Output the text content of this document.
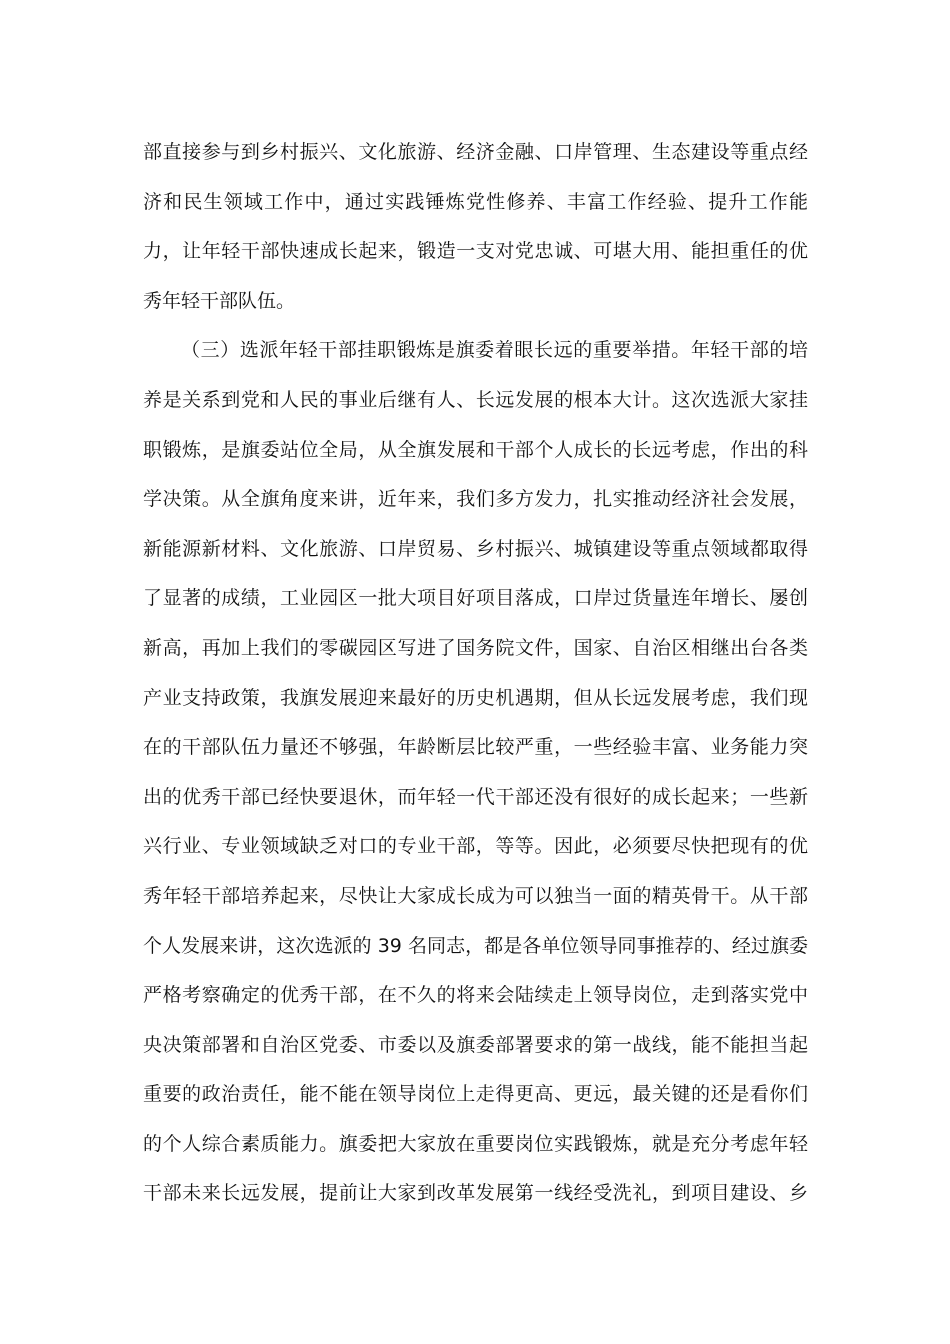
部直接参与到乡村振兴、文化旅游、经济金融、口岸管理、生态建设等重点经
济和民生领域工作中，通过实践锤炼党性修养、丰富工作经验、提升工作能
力，让年轻干部快速成长起来，锻造一支对党忠诚、可堪大用、能担重任的优
秀年轻干部队伍。
（三）选派年轻干部挂职锻炼是旗委着眼长远的重要举措。年轻干部的培
养是关系到党和人民的事业后继有人、长远发展的根本大计。这次选派大家挂
职锻炼，是旗委站位全局，从全旗发展和干部个人成长的长远考虑，作出的科
学决策。从全旗角度来讲，近年来，我们多方发力，扎实推动经济社会发展，
新能源新材料、文化旅游、口岸贸易、乡村振兴、城镇建设等重点领域都取得
了显著的成绩，工业园区一批大项目好项目落成，口岸过货量连年增长、屡创
新高，再加上我们的零碳园区写进了国务院文件，国家、自治区相继出台各类
产业支持政策，我旗发展迎来最好的历史机遇期，但从长远发展考虑，我们现
在的干部队伍力量还不够强，年龄断层比较严重，一些经验丰富、业务能力突
出的优秀干部已经快要退休，而年轻一代干部还没有很好的成长起来；一些新
兴行业、专业领域缺乏对口的专业干部，等等。因此，必须要尽快把现有的优
秀年轻干部培养起来，尽快让大家成长成为可以独当一面的精英骨干。从干部
个人发展来讲，这次选派的 39 名同志，都是各单位领导同事推荐的、经过旗委
严格考察确定的优秀干部，在不久的将来会陆续走上领导岗位，走到落实党中
央决策部署和自治区党委、市委以及旗委部署要求的第一战线，能不能担当起
重要的政治责任，能不能在领导岗位上走得更高、更远，最关键的还是看你们
的个人综合素质能力。旗委把大家放在重要岗位实践锻炼，就是充分考虑年轻
干部未来长远发展，提前让大家到改革发展第一线经受洗礼，到项目建设、乡
